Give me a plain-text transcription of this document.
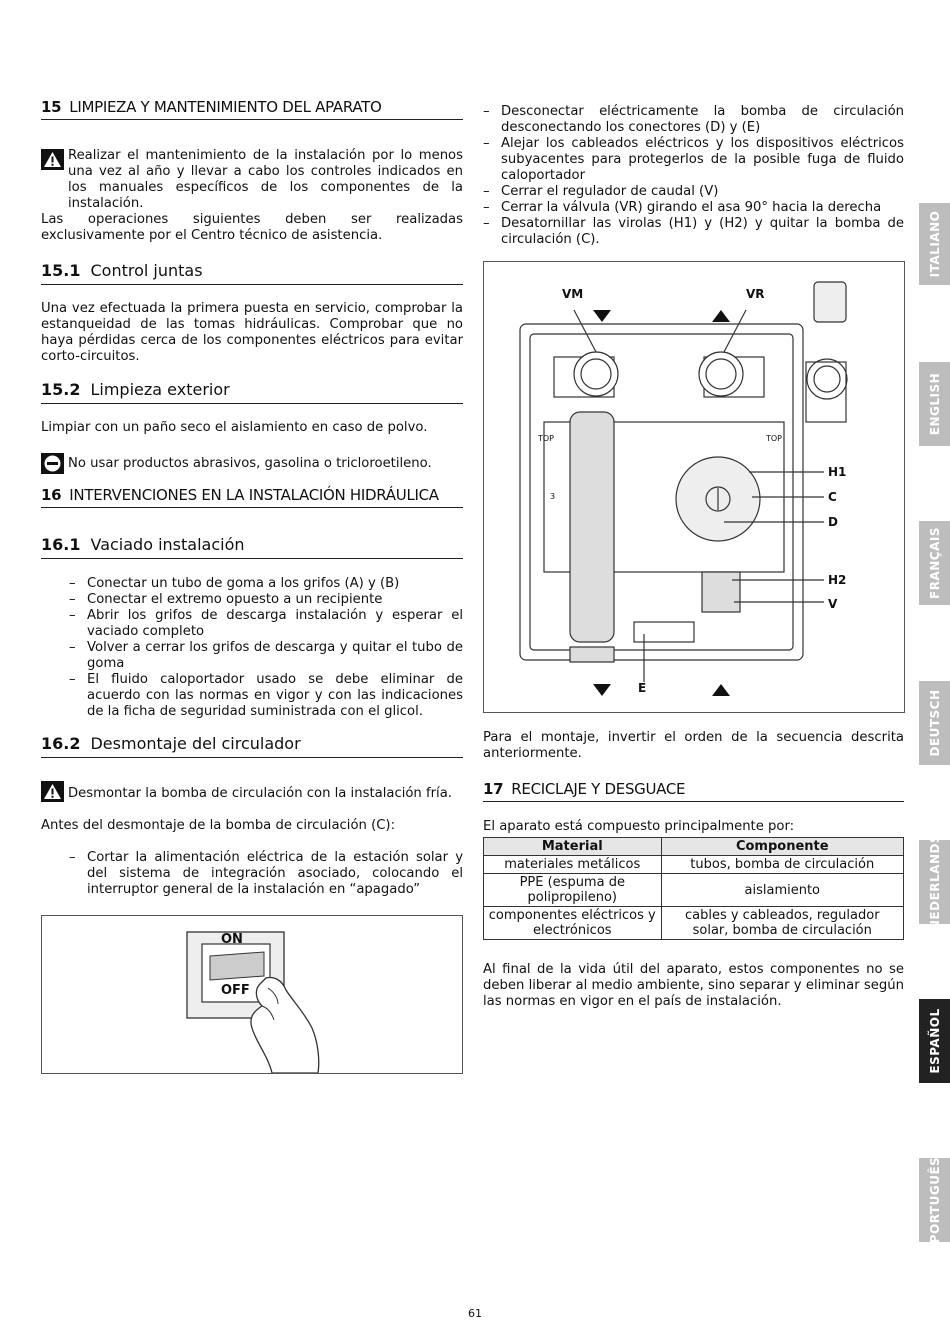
15 LIMPIEZA Y MANTENIMIENTO DEL APARATO

Realizar el mantenimiento de la instalación por lo menos una vez al año y llevar a cabo los controles indicados en los manuales específicos de los componentes de la instalación.

Las operaciones siguientes deben ser realizadas exclusivamente por el Centro técnico de asistencia.

15.1 Control juntas

Una vez efectuada la primera puesta en servicio, comprobar la estanqueidad de las tomas hidráulicas. Comprobar que no haya pérdidas cerca de los componentes eléctricos para evitar corto-circuitos.

15.2 Limpieza exterior

Limpiar con un paño seco el aislamiento en caso de polvo.

No usar productos abrasivos, gasolina o tricloroetileno.

16 INTERVENCIONES EN LA INSTALACIÓN HIDRÁULICA
16.1 Vaciado instalación
– Conectar un tubo de goma a los grifos (A) y (B)
– Conectar el extremo opuesto a un recipiente
– Abrir los grifos de descarga instalación y esperar el vaciado completo
– Volver a cerrar los grifos de descarga y quitar el tubo de goma
– El fluido caloportador usado se debe eliminar de acuerdo con las normas en vigor y con las indicaciones de la ficha de seguridad suministrada con el glicol.
16.2 Desmontaje del circulador

Desmontar la bomba de circulación con la instalación fría.

Antes del desmontaje de la bomba de circulación (C):

– Cortar la alimentación eléctrica de la estación solar y del sistema de integración asociado, colocando el interruptor general de la instalación en “apagado”
ON
OFF
– Desconectar eléctricamente la bomba de circulación desconectando los conectores (D) y (E)
– Alejar los cableados eléctricos y los dispositivos eléctricos subyacentes para protegerlos de la posible fuga de fluido caloportador
– Cerrar el regulador de caudal (V)
– Cerrar la válvula (VR) girando el asa 90° hacia la derecha
– Desatornillar las virolas (H1) y (H2) y quitar la bomba de circulación (C).
VM	VR
TOP	TOP
3
H1
C
D
H2
V
E

Para el montaje, invertir el orden de la secuencia descrita anteriormente.

17 RECICLAJE Y DESGUACE

El aparato está compuesto principalmente por:

Material	Componente
materiales metálicos	tubos, bomba de circulación
PPE (espuma de polipropileno)	aislamiento
componentes eléctricos y electrónicos	cables y cableados, regulador solar, bomba de circulación

Al final de la vida útil del aparato, estos componentes no se deben liberar al medio ambiente, sino separar y eliminar según las normas en vigor en el país de instalación.

ITALIANO
ENGLISH
FRANÇAIS
DEUTSCH
NEDERLANDS
ESPAÑOL
PORTUGUÊS
61
